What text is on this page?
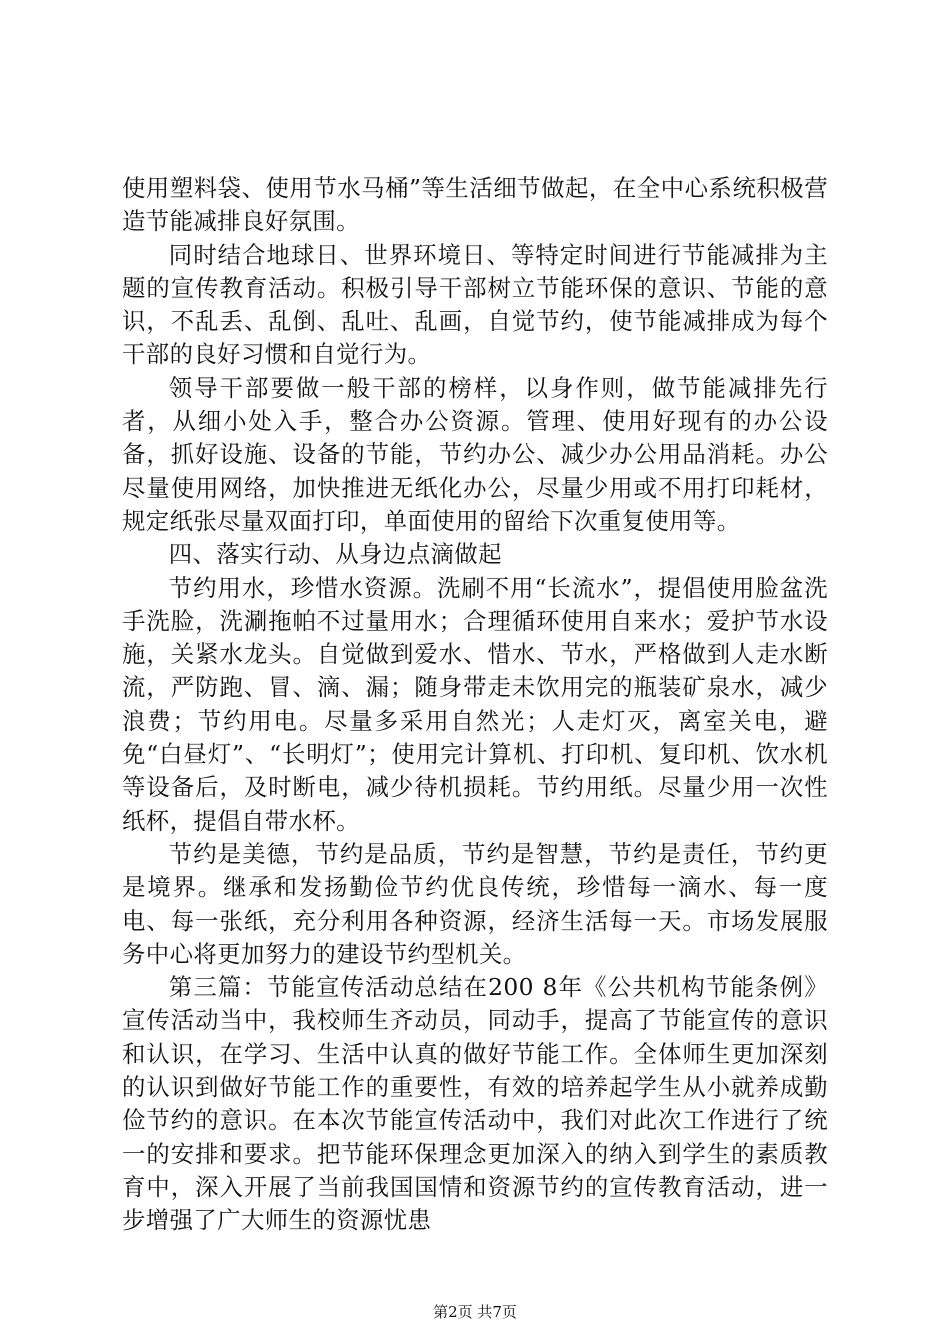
使用塑料袋、使用节水马桶”等生活细节做起，在全中心系统积极营造节能减排良好氛围。

同时结合地球日、世界环境日、等特定时间进行节能减排为主题的宣传教育活动。积极引导干部树立节能环保的意识、节能的意识，不乱丢、乱倒、乱吐、乱画，自觉节约，使节能减排成为每个干部的良好习惯和自觉行为。

领导干部要做一般干部的榜样，以身作则，做节能减排先行者，从细小处入手，整合办公资源。管理、使用好现有的办公设备，抓好设施、设备的节能，节约办公、减少办公用品消耗。办公尽量使用网络，加快推进无纸化办公，尽量少用或不用打印耗材，规定纸张尽量双面打印，单面使用的留给下次重复使用等。

四、落实行动、从身边点滴做起

节约用水，珍惜水资源。洗刷不用“长流水”，提倡使用脸盆洗手洗脸，洗涮拖帕不过量用水；合理循环使用自来水；爱护节水设施，关紧水龙头。自觉做到爱水、惜水、节水，严格做到人走水断流，严防跑、冒、滴、漏；随身带走未饮用完的瓶装矿泉水，减少浪费；节约用电。尽量多采用自然光；人走灯灭，离室关电，避免“白昼灯”、“长明灯”；使用完计算机、打印机、复印机、饮水机等设备后，及时断电，减少待机损耗。节约用纸。尽量少用一次性纸杯，提倡自带水杯。

节约是美德，节约是品质，节约是智慧，节约是责任，节约更是境界。继承和发扬勤俭节约优良传统，珍惜每一滴水、每一度电、每一张纸，充分利用各种资源，经济生活每一天。市场发展服务中心将更加努力的建设节约型机关。

第三篇：节能宣传活动总结在200 8年《公共机构节能条例》宣传活动当中，我校师生齐动员，同动手，提高了节能宣传的意识和认识，在学习、生活中认真的做好节能工作。全体师生更加深刻的认识到做好节能工作的重要性，有效的培养起学生从小就养成勤俭节约的意识。在本次节能宣传活动中，我们对此次工作进行了统一的安排和要求。把节能环保理念更加深入的纳入到学生的素质教育中，深入开展了当前我国国情和资源节约的宣传教育活动，进一步增强了广大师生的资源忧患

第2页 共7页
